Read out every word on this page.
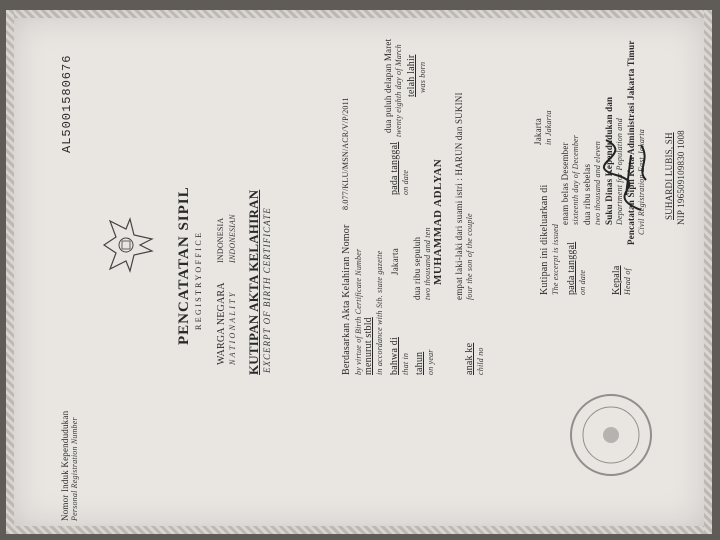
AL5001580676
PENCATATAN SIPIL R E G I S T R Y O F F I C E WARGA NEGARA N A T I O N A L I T Y
INDONESIA INDONESIAN KUTIPAN AKTA KELAHIRAN EXCERPT OF BIRTH CERTIFICATE
Nomor Induk Kependudukan Personal Registration Number
Berdasarkan Akta Kelahiran Nomor by virtue of Birth Certificate Number
8.077/KLU/MSN/ACR/V/P/2011
menurut stbld in accordance with Stb. state gazette bahwa di that in
Jakarta
pada tanggal on date
dua puluh delapan Maret twenty eighth day of March telah lahir was born
tahun on year
dua ribu sepuluh two thousand and ten MUHAMMAD ADLYAN
anak ke child no
empat laki-laki dari suami istri : HARUN dan SUKINI four the son of the couple	Kutipan ini dikeluarkan di
Jakarta
The excerpt is issued
in Jakarta
pada tanggal on date
enam belas Desember sixteenth day of December dua ribu sebelas two thousand and eleven
Kepala Head of
Suku Dinas Kependudukan dan Department for Population and Pencatatan Sipil Kota Administrasi Jakarta Timur Civil Registration East Jakarta SUHARDI LUBIS, SH NIP 196509109830 1008
